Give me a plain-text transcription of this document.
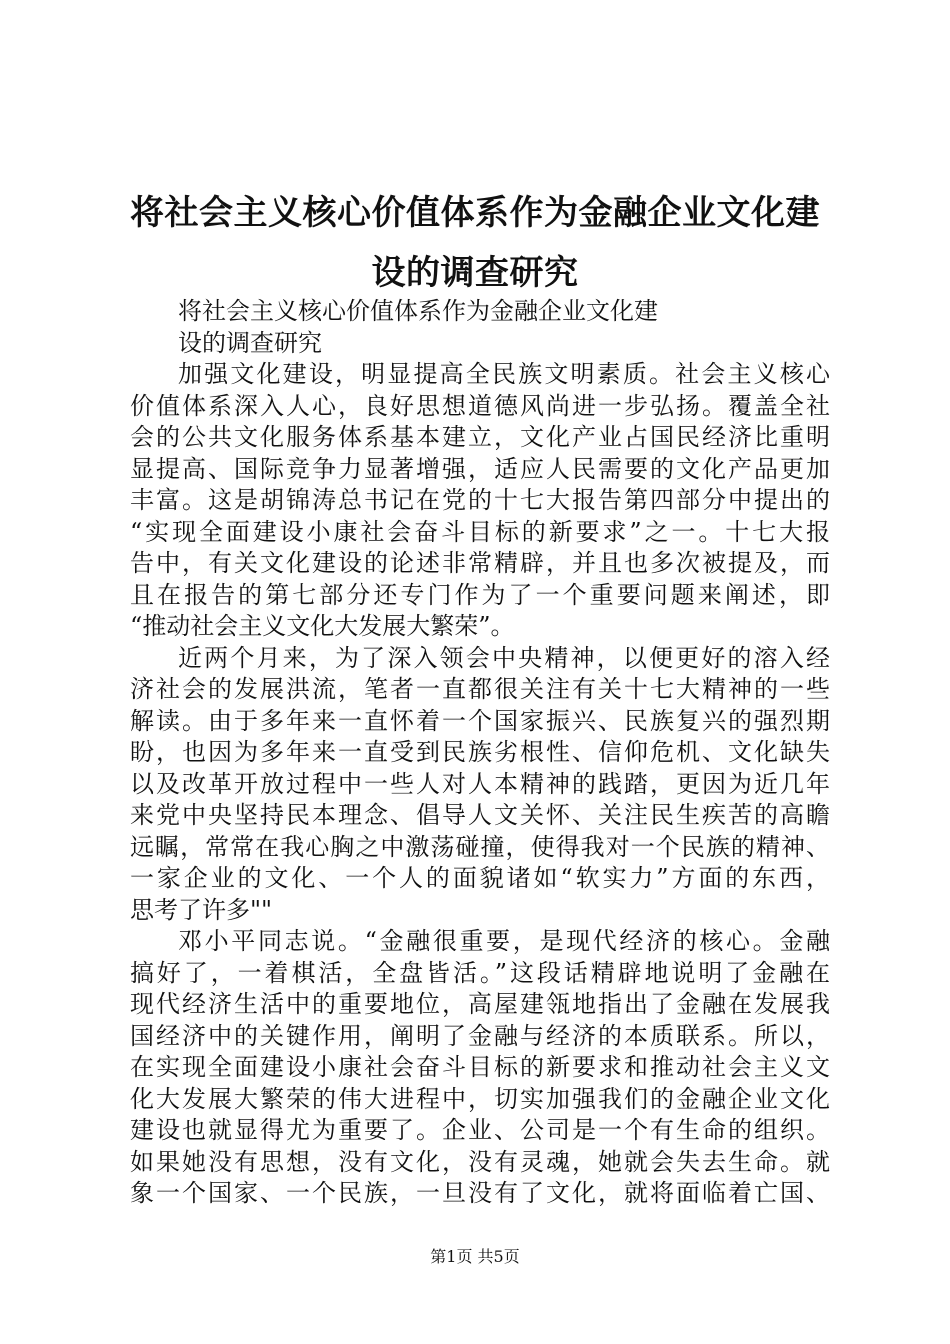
将社会主义核心价值体系作为金融企业文化建
设的调查研究
将社会主义核心价值体系作为金融企业文化建
设的调查研究
加强文化建设，明显提高全民族文明素质。社会主义核心
价值体系深入人心，良好思想道德风尚进一步弘扬。覆盖全社
会的公共文化服务体系基本建立，文化产业占国民经济比重明
显提高、国际竞争力显著增强，适应人民需要的文化产品更加
丰富。这是胡锦涛总书记在党的十七大报告第四部分中提出的
“实现全面建设小康社会奋斗目标的新要求”之一。十七大报
告中，有关文化建设的论述非常精辟，并且也多次被提及，而
且在报告的第七部分还专门作为了一个重要问题来阐述，即
“推动社会主义文化大发展大繁荣”。
近两个月来，为了深入领会中央精神，以便更好的溶入经
济社会的发展洪流，笔者一直都很关注有关十七大精神的一些
解读。由于多年来一直怀着一个国家振兴、民族复兴的强烈期
盼，也因为多年来一直受到民族劣根性、信仰危机、文化缺失
以及改革开放过程中一些人对人本精神的践踏，更因为近几年
来党中央坚持民本理念、倡导人文关怀、关注民生疾苦的高瞻
远瞩，常常在我心胸之中激荡碰撞，使得我对一个民族的精神、
一家企业的文化、一个人的面貌诸如“软实力”方面的东西，
思考了许多""
邓小平同志说。“金融很重要，是现代经济的核心。金融
搞好了，一着棋活，全盘皆活。”这段话精辟地说明了金融在
现代经济生活中的重要地位，高屋建瓴地指出了金融在发展我
国经济中的关键作用，阐明了金融与经济的本质联系。所以，
在实现全面建设小康社会奋斗目标的新要求和推动社会主义文
化大发展大繁荣的伟大进程中，切实加强我们的金融企业文化
建设也就显得尤为重要了。企业、公司是一个有生命的组织。
如果她没有思想，没有文化，没有灵魂，她就会失去生命。就
象一个国家、一个民族，一旦没有了文化，就将面临着亡国、
第1页 共5页
